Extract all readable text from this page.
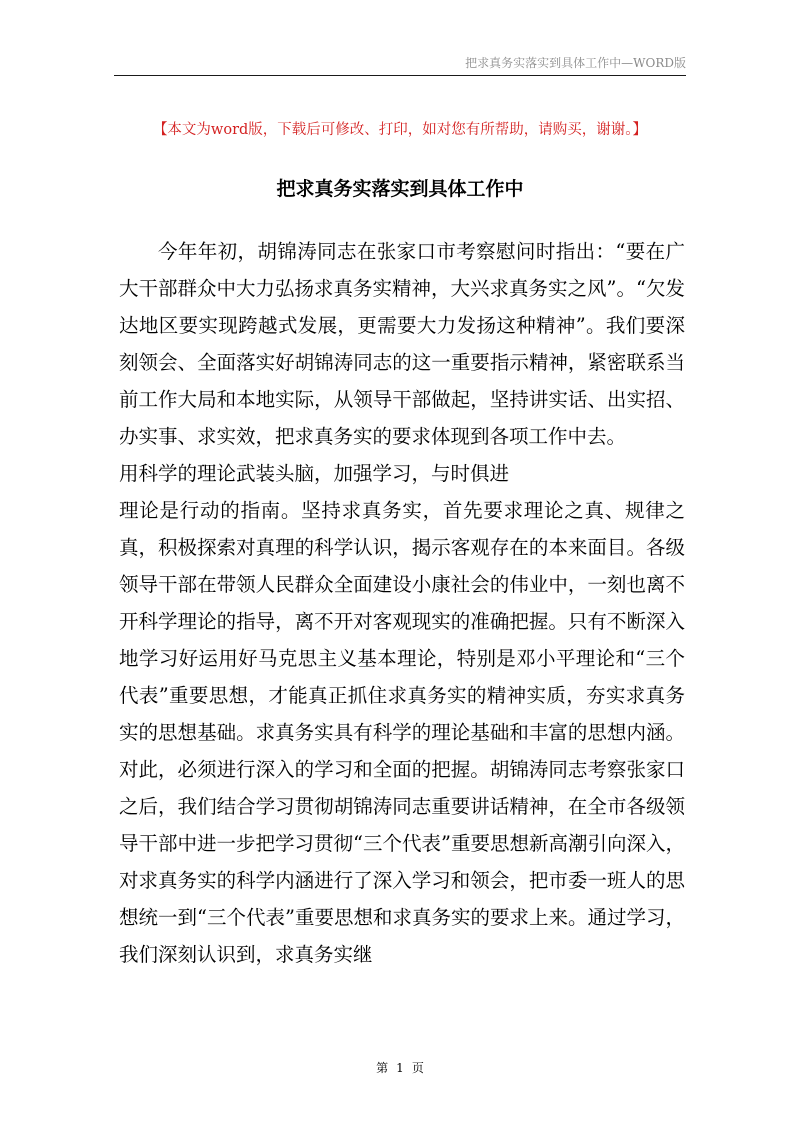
把求真务实落实到具体工作中—WORD版
【本文为word版，下载后可修改、打印，如对您有所帮助，请购买，谢谢。】
把求真务实落实到具体工作中

今年年初，胡锦涛同志在张家口市考察慰问时指出：“要在广大干部群众中大力弘扬求真务实精神，大兴求真务实之风”。“欠发达地区要实现跨越式发展，更需要大力发扬这种精神”。我们要深刻领会、全面落实好胡锦涛同志的这一重要指示精神，紧密联系当前工作大局和本地实际，从领导干部做起，坚持讲实话、出实招、办实事、求实效，把求真务实的要求体现到各项工作中去。

用科学的理论武装头脑，加强学习，与时俱进

理论是行动的指南。坚持求真务实，首先要求理论之真、规律之真，积极探索对真理的科学认识，揭示客观存在的本来面目。各级领导干部在带领人民群众全面建设小康社会的伟业中，一刻也离不开科学理论的指导，离不开对客观现实的准确把握。只有不断深入地学习好运用好马克思主义基本理论，特别是邓小平理论和“三个代表”重要思想，才能真正抓住求真务实的精神实质，夯实求真务实的思想基础。求真务实具有科学的理论基础和丰富的思想内涵。对此，必须进行深入的学习和全面的把握。胡锦涛同志考察张家口之后，我们结合学习贯彻胡锦涛同志重要讲话精神，在全市各级领导干部中进一步把学习贯彻“三个代表”重要思想新高潮引向深入，对求真务实的科学内涵进行了深入学习和领会，把市委一班人的思想统一到“三个代表”重要思想和求真务实的要求上来。通过学习，我们深刻认识到，求真务实继

第 1 页
